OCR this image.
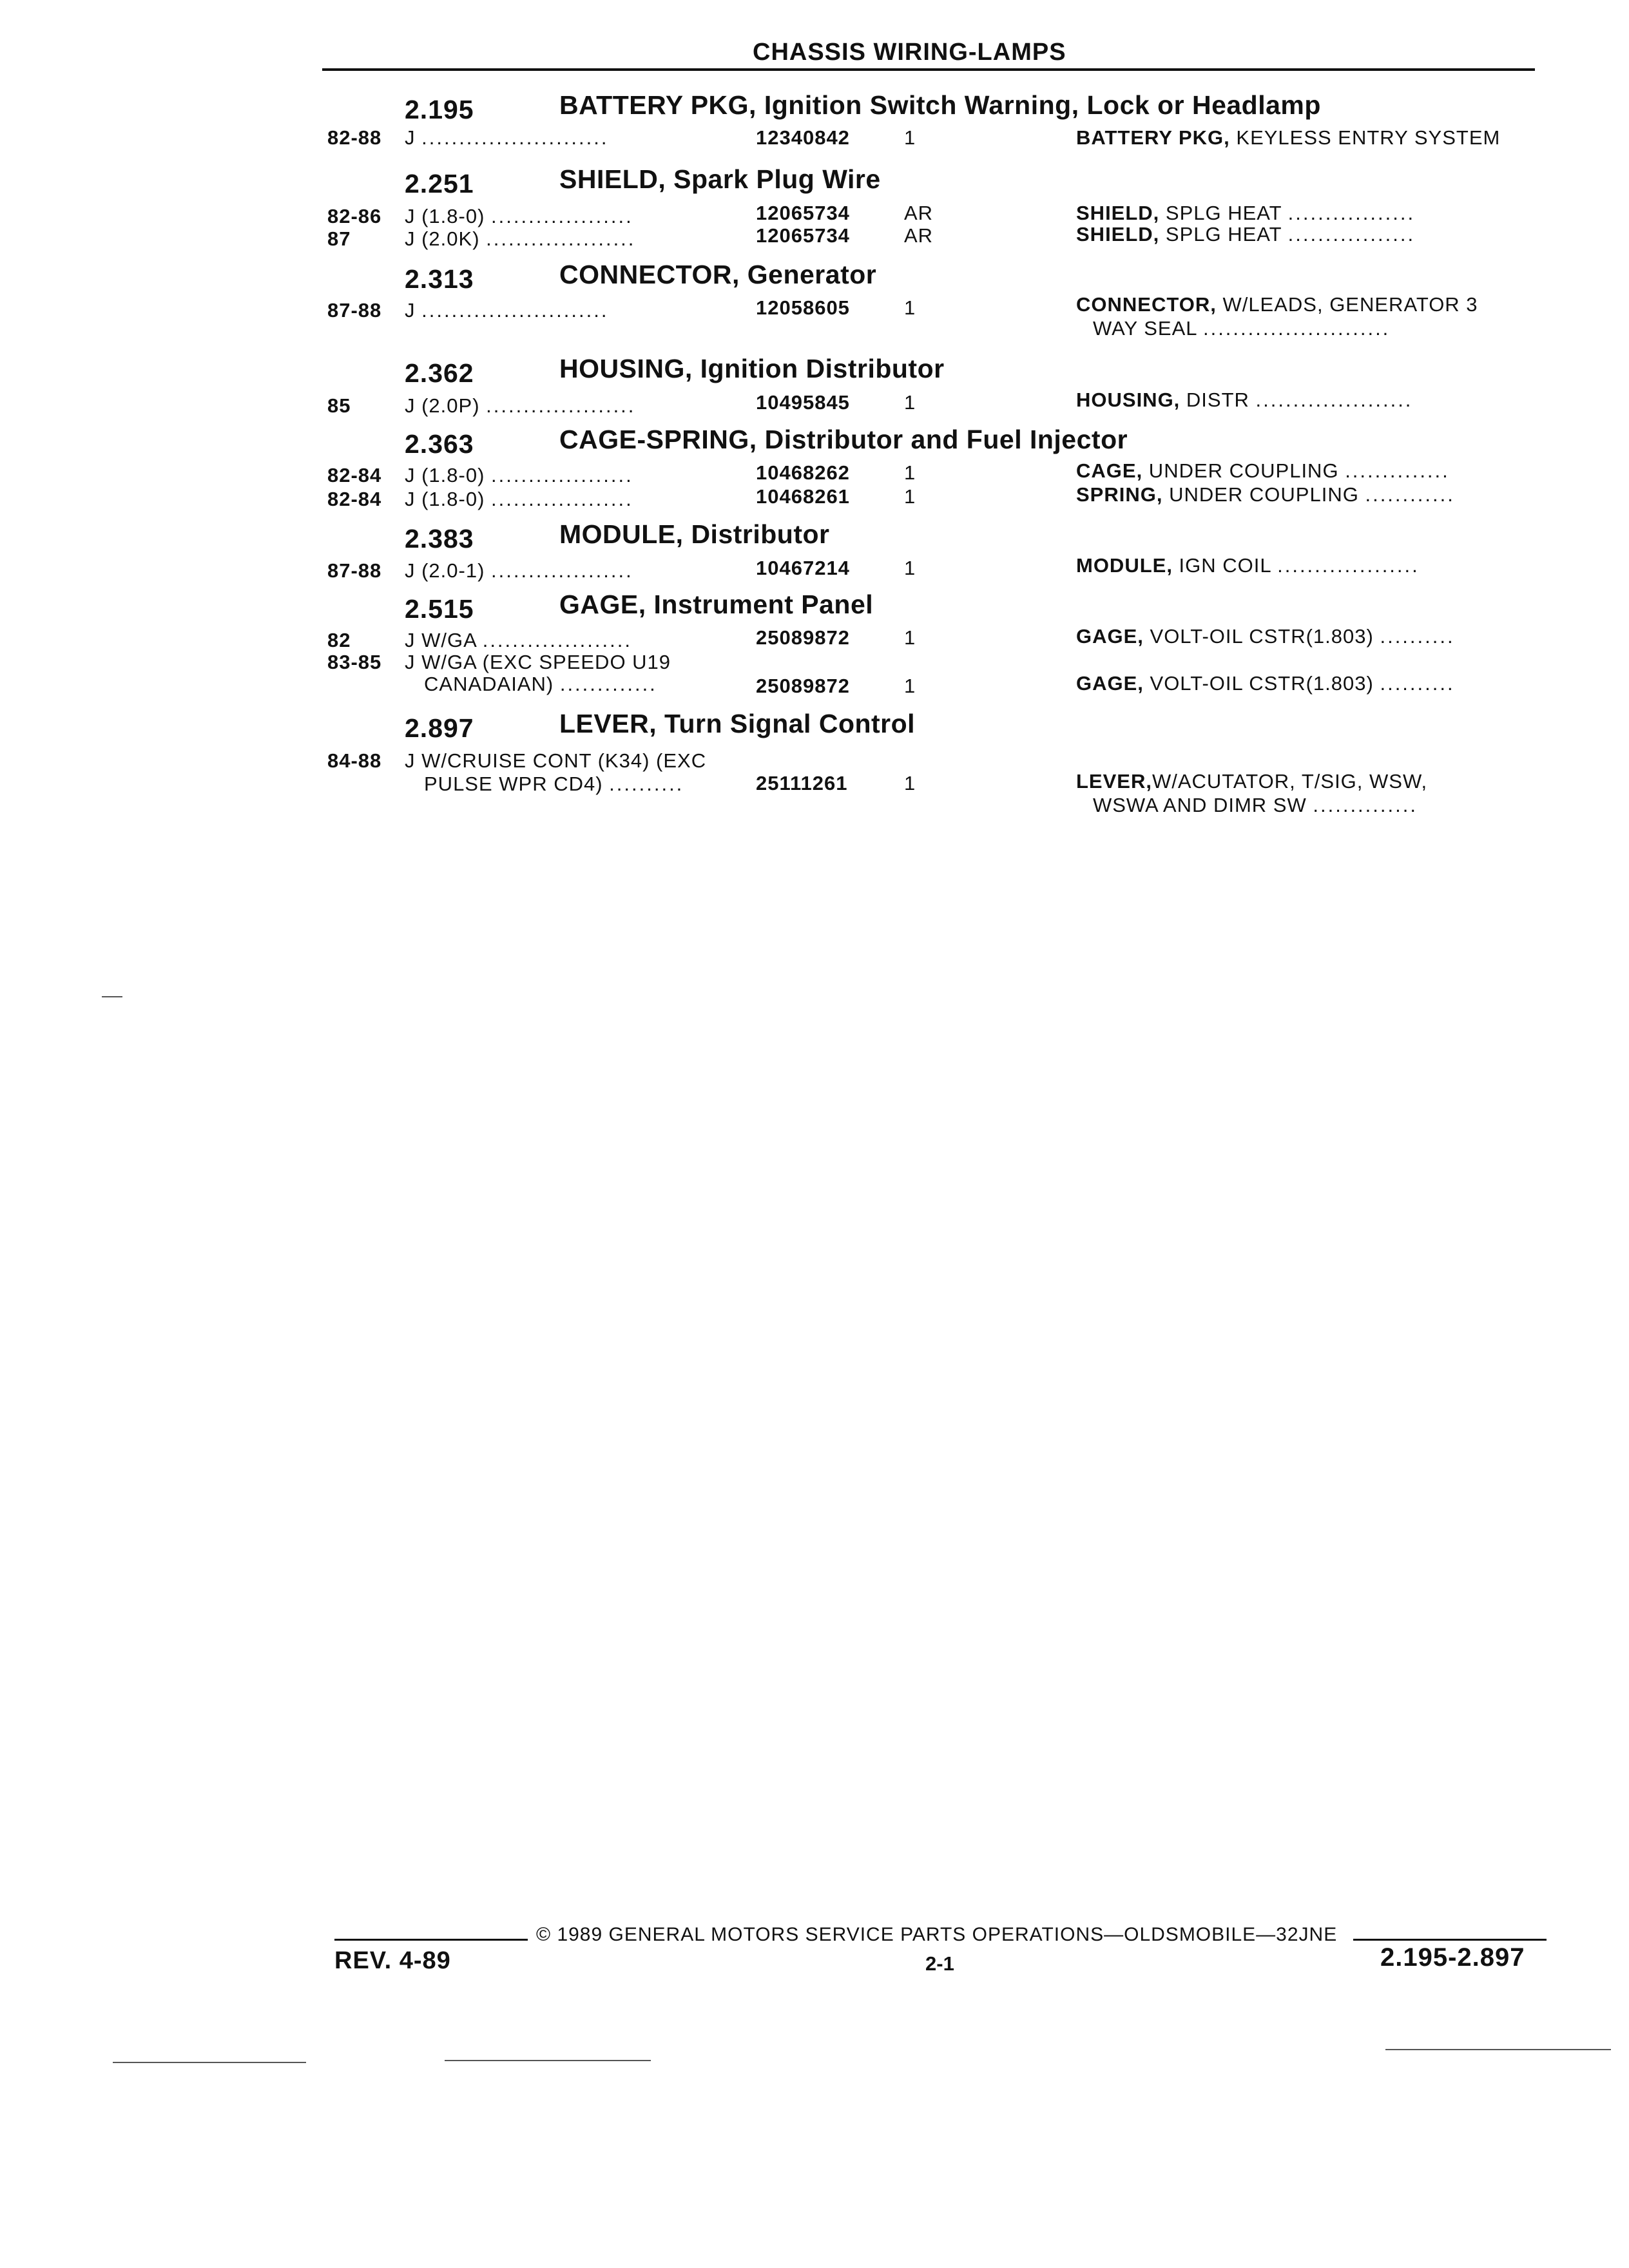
CHASSIS WIRING-LAMPS
2.195	BATTERY PKG, Ignition Switch Warning, Lock or Headlamp
82-88 J .........................	12340842	1	BATTERY PKG, KEYLESS ENTRY SYSTEM
2.251	SHIELD, Spark Plug Wire
82-86 J (1.8-0) ...................	12065734	AR	SHIELD, SPLG HEAT .................
87	J (2.0K) ....................	12065734	AR	SHIELD, SPLG HEAT .................
2.313	CONNECTOR, Generator
87-88 J .........................	12058605	1	CONNECTOR, W/LEADS, GENERATOR 3
WAY SEAL .........................
2.362	HOUSING, Ignition Distributor
85	J (2.0P) ....................	10495845	1	HOUSING, DISTR .....................
2.363	CAGE-SPRING, Distributor and Fuel Injector
82-84 J (1.8-0) ...................	10468262	1	CAGE, UNDER COUPLING ..............
82-84 J (1.8-0) ...................	10468261	1	SPRING, UNDER COUPLING ............
2.383	MODULE, Distributor
87-88 J (2.0-1) ...................	10467214	1	MODULE, IGN COIL ...................
2.515	GAGE, Instrument Panel
82	J W/GA ....................	25089872	1	GAGE, VOLT-OIL CSTR(1.803) ..........
83-85 J W/GA (EXC SPEEDO U19
CANADAIAN) .............	25089872	1	GAGE, VOLT-OIL CSTR(1.803) ..........
2.897	LEVER, Turn Signal Control
84-88 J W/CRUISE CONT (K34) (EXC
PULSE WPR CD4) ..........	25111261	1	LEVER,W/ACUTATOR, T/SIG, WSW,
WSWA AND DIMR SW ..............
© 1989 GENERAL MOTORS SERVICE PARTS OPERATIONS—OLDSMOBILE—32JNE
REV. 4-89	2-1	2.195-2.897
